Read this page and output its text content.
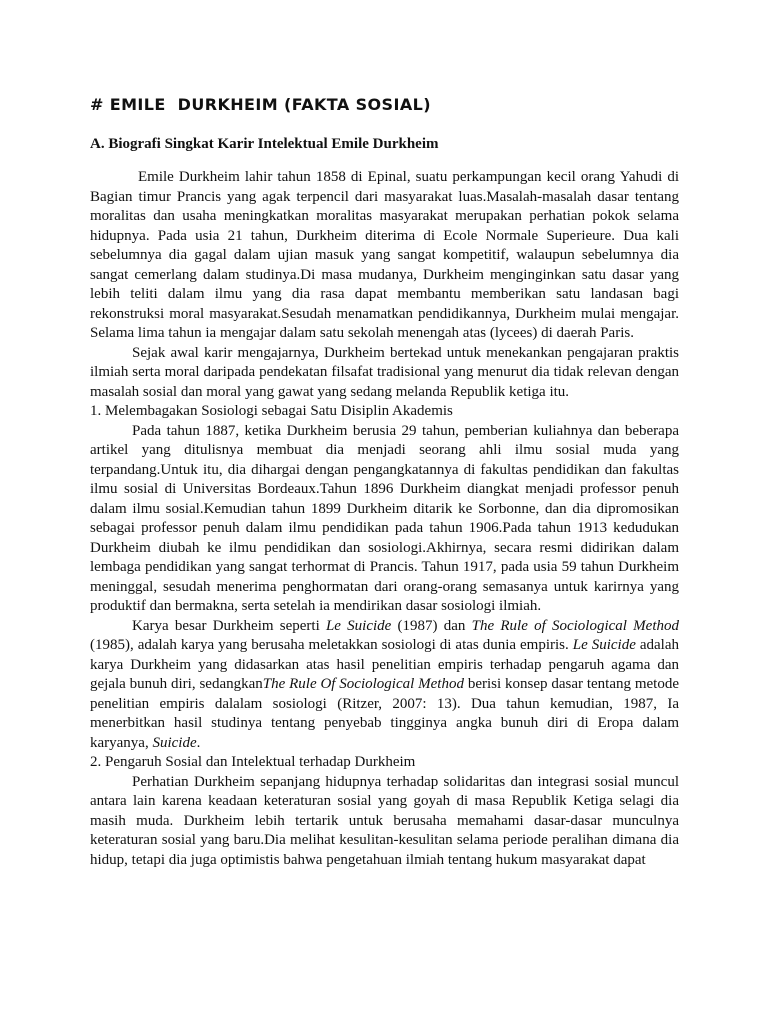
# EMILE  DURKHEIM (FAKTA SOSIAL)
A. Biografi Singkat Karir Intelektual Emile Durkheim

Emile Durkheim lahir tahun 1858 di Epinal, suatu perkampungan kecil orang Yahudi di Bagian timur Prancis yang agak terpencil dari masyarakat luas.Masalah-masalah dasar tentang moralitas dan usaha meningkatkan moralitas masyarakat merupakan perhatian pokok selama hidupnya. Pada usia 21 tahun, Durkheim diterima di Ecole Normale Superieure. Dua kali sebelumnya dia gagal dalam ujian masuk yang sangat kompetitif, walaupun sebelumnya dia sangat cemerlang dalam studinya.Di masa mudanya, Durkheim menginginkan satu dasar yang lebih teliti dalam ilmu yang dia rasa dapat membantu memberikan satu landasan bagi rekonstruksi moral masyarakat.Sesudah menamatkan pendidikannya, Durkheim mulai mengajar. Selama lima tahun ia mengajar dalam satu sekolah menengah atas (lycees) di daerah Paris.

Sejak awal karir mengajarnya, Durkheim bertekad untuk menekankan pengajaran praktis ilmiah serta moral daripada pendekatan filsafat tradisional yang menurut dia tidak relevan dengan masalah sosial dan moral yang gawat yang sedang melanda Republik ketiga itu.

1. Melembagakan Sosiologi sebagai Satu Disiplin Akademis

Pada tahun 1887, ketika Durkheim berusia 29 tahun, pemberian kuliahnya dan beberapa artikel yang ditulisnya membuat dia menjadi seorang ahli ilmu sosial muda yang terpandang.Untuk itu, dia dihargai dengan pengangkatannya di fakultas pendidikan dan fakultas ilmu sosial di Universitas Bordeaux.Tahun 1896 Durkheim diangkat menjadi professor penuh dalam ilmu sosial.Kemudian tahun 1899 Durkheim ditarik ke Sorbonne, dan dia dipromosikan sebagai professor penuh dalam ilmu pendidikan pada tahun 1906.Pada tahun 1913 kedudukan Durkheim diubah ke ilmu pendidikan dan sosiologi.Akhirnya, secara resmi didirikan dalam lembaga pendidikan yang sangat terhormat di Prancis. Tahun 1917, pada usia 59 tahun Durkheim meninggal, sesudah menerima penghormatan dari orang-orang semasanya untuk karirnya yang produktif dan bermakna, serta setelah ia mendirikan dasar sosiologi ilmiah.

Karya besar Durkheim seperti Le Suicide (1987) dan The Rule of Sociological Method (1985), adalah karya yang berusaha meletakkan sosiologi di atas dunia empiris. Le Suicide adalah karya Durkheim yang didasarkan atas hasil penelitian empiris terhadap pengaruh agama dan gejala bunuh diri, sedangkanThe Rule Of Sociological Method berisi konsep dasar tentang metode penelitian empiris dalalam sosiologi (Ritzer, 2007: 13). Dua tahun kemudian, 1987, Ia menerbitkan hasil studinya tentang penyebab tingginya angka bunuh diri di Eropa dalam karyanya, Suicide.

2. Pengaruh Sosial dan Intelektual terhadap Durkheim

Perhatian Durkheim sepanjang hidupnya terhadap solidaritas dan integrasi sosial muncul antara lain karena keadaan keteraturan sosial yang goyah di masa Republik Ketiga selagi dia masih muda. Durkheim lebih tertarik untuk berusaha memahami dasar-dasar munculnya keteraturan sosial yang baru.Dia melihat kesulitan-kesulitan selama periode peralihan dimana dia hidup, tetapi dia juga optimistis bahwa pengetahuan ilmiah tentang hukum masyarakat dapat
